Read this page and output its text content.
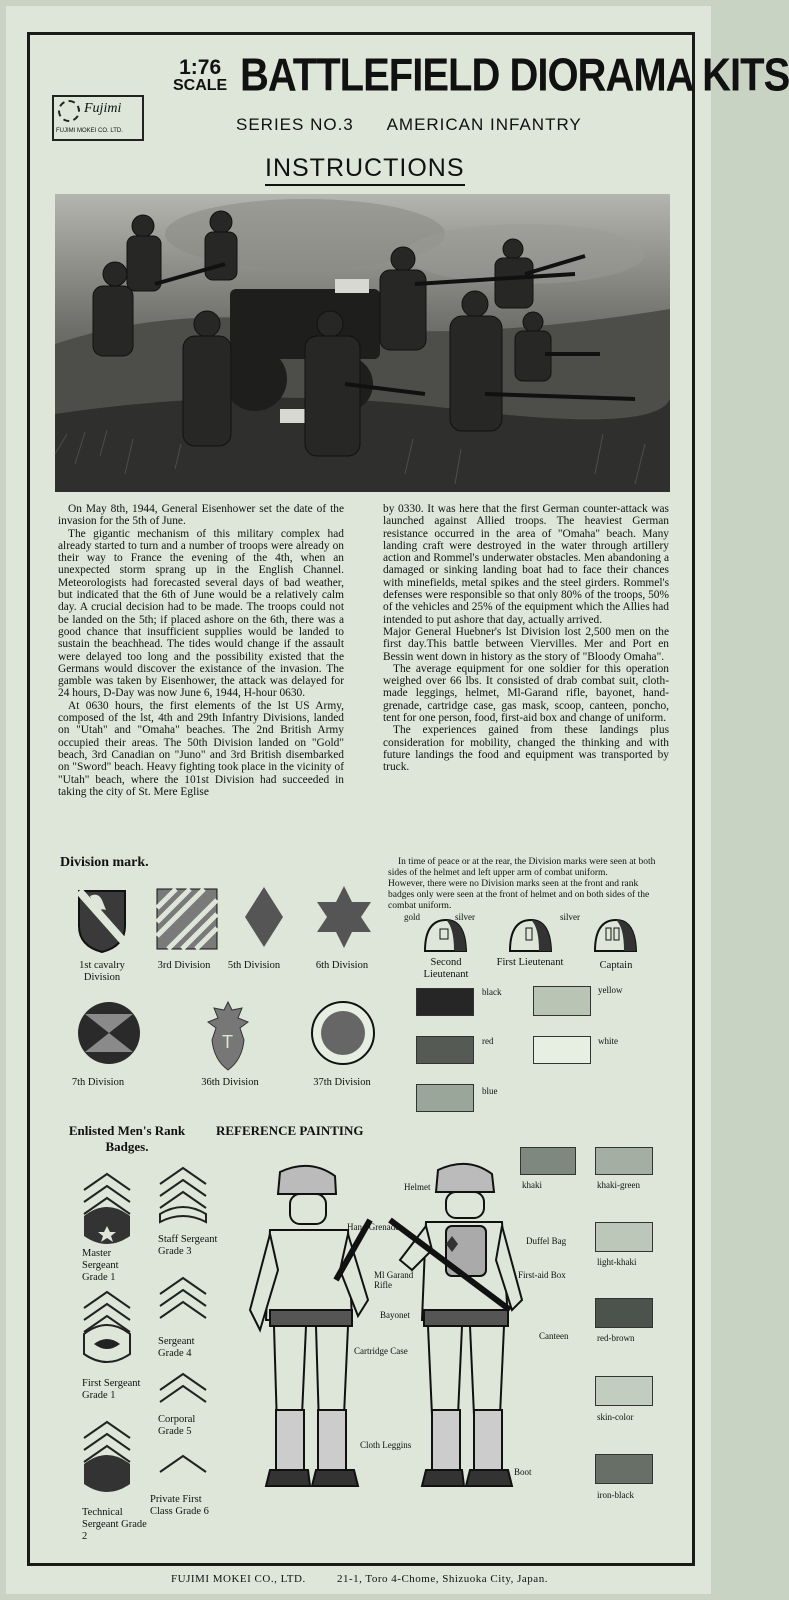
Fujimi
FUJIMI MOKEI CO. LTD.
1:76
SCALE BATTLEFIELD DIORAMA KITS
SERIES NO.3 AMERICAN INFANTRY
INSTRUCTIONS

On May 8th, 1944, General Eisenhower set the date of the invasion for the 5th of June.

The gigantic mechanism of this military complex had already started to turn and a number of troops were already on their way to France the evening of the 4th, when an unexpected storm sprang up in the English Channel. Meteorologists had forecasted several days of bad weather, but indicated that the 6th of June would be a relatively calm day. A crucial decision had to be made. The troops could not be landed on the 5th; if placed ashore on the 6th, there was a good chance that insufficient supplies would be landed to sustain the beachhead. The tides would change if the assault were delayed too long and the possibility existed that the Germans would discover the existance of the invasion. The gamble was taken by Eisenhower, the attack was delayed for 24 hours, D-Day was now June 6, 1944, H-hour 0630.

At 0630 hours, the first elements of the lst US Army, composed of the lst, 4th and 29th Infantry Divisions, landed on "Utah" and "Omaha" beaches. The 2nd British Army occupied their areas. The 50th Division landed on "Gold" beach, 3rd Canadian on "Juno" and 3rd British disembarked on "Sword" beach. Heavy fighting took place in the vicinity of "Utah" beach, where the 101st Division had succeeded in taking the city of St. Mere Eglise

by 0330. It was here that the first German counter-attack was launched against Allied troops. The heaviest German resistance occurred in the area of "Omaha" beach. Many landing craft were destroyed in the water through artillery action and Rommel's underwater obstacles. Men abandoning a damaged or sinking landing boat had to face their chances with minefields, metal spikes and the steel girders. Rommel's defenses were responsible so that only 80% of the troops, 50% of the vehicles and 25% of the equipment which the Allies had intended to put ashore that day, actually arrived.

Major General Huebner's lst Division lost 2,500 men on the first day.This battle between Viervilles. Mer and Port en Bessin went down in history as the story of "Bloody Omaha".

The average equipment for one soldier for this operation weighed over 66 lbs. It consisted of drab combat suit, cloth-made leggings, helmet, Ml-Garand rifle, bayonet, hand-grenade, cartridge case, gas mask, scoop, canteen, poncho, tent for one person, food, first-aid box and change of uniform.

The experiences gained from these landings plus consideration for mobility, changed the thinking and with future landings the food and equipment was transported by truck.

In time of peace or at the rear, the Division marks were seen at both sides of the helmet and left upper arm of combat uniform.

However, there were no Division marks seen at the front and rank badges only were seen at the front of helmet and on both sides of the combat uniform.

Division mark.
1st cavalry Division
3rd Division	5th Division	6th Division
T
7th Division	36th Division	37th Division
gold	silver	silver
Second Lieutenant
First Lieutenant	Captain
black	yellow
red	white
blue
Enlisted Men's Rank Badges.
REFERENCE PAINTING
Master Sergeant Grade 1
Staff Sergeant Grade 3
First Sergeant Grade 1
Sergeant Grade 4
Corporal Grade 5
Technical Sergeant Grade 2
Private First Class Grade 6
Helmet
Hand Grenade
Ml Garand Rifle
Bayonet
Cartridge Case
Cloth Leggins
Duffel Bag
First-aid Box
Canteen
Boot
khaki	khaki-green
light-khaki
red-brown
skin-color
iron-black
FUJIMI MOKEI CO., LTD.	21-1, Toro 4-Chome, Shizuoka City, Japan.
